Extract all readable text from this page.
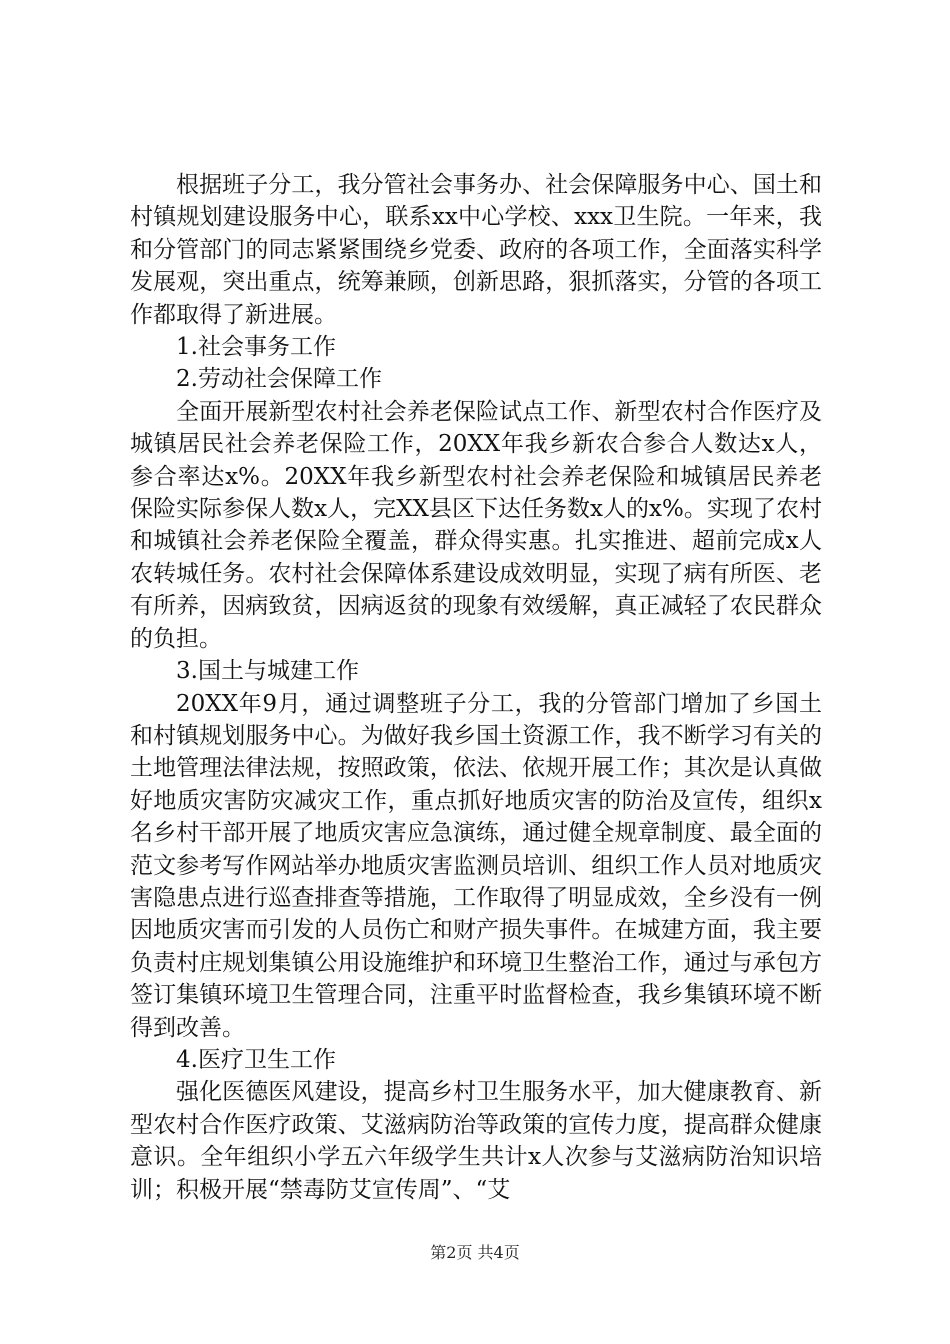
根据班子分工，我分管社会事务办、社会保障服务中心、国土和村镇规划建设服务中心，联系xx中心学校、xxx卫生院。一年来，我和分管部门的同志紧紧围绕乡党委、政府的各项工作，全面落实科学发展观，突出重点，统筹兼顾，创新思路，狠抓落实，分管的各项工作都取得了新进展。

1.社会事务工作

2.劳动社会保障工作

全面开展新型农村社会养老保险试点工作、新型农村合作医疗及城镇居民社会养老保险工作，20XX年我乡新农合参合人数达x人，参合率达x%。20XX年我乡新型农村社会养老保险和城镇居民养老保险实际参保人数x人，完XX县区下达任务数x人的x%。实现了农村和城镇社会养老保险全覆盖，群众得实惠。扎实推进、超前完成x人农转城任务。农村社会保障体系建设成效明显，实现了病有所医、老有所养，因病致贫，因病返贫的现象有效缓解，真正减轻了农民群众的负担。

3.国土与城建工作

20XX年9月，通过调整班子分工，我的分管部门增加了乡国土和村镇规划服务中心。为做好我乡国土资源工作，我不断学习有关的土地管理法律法规，按照政策，依法、依规开展工作；其次是认真做好地质灾害防灾减灾工作，重点抓好地质灾害的防治及宣传，组织x名乡村干部开展了地质灾害应急演练，通过健全规章制度、最全面的范文参考写作网站举办地质灾害监测员培训、组织工作人员对地质灾害隐患点进行巡查排查等措施，工作取得了明显成效，全乡没有一例因地质灾害而引发的人员伤亡和财产损失事件。在城建方面，我主要负责村庄规划集镇公用设施维护和环境卫生整治工作，通过与承包方签订集镇环境卫生管理合同，注重平时监督检查，我乡集镇环境不断得到改善。

4.医疗卫生工作

强化医德医风建设，提高乡村卫生服务水平，加大健康教育、新型农村合作医疗政策、艾滋病防治等政策的宣传力度，提高群众健康意识。全年组织小学五六年级学生共计x人次参与艾滋病防治知识培训；积极开展“禁毒防艾宣传周”、“艾

第2页 共4页
